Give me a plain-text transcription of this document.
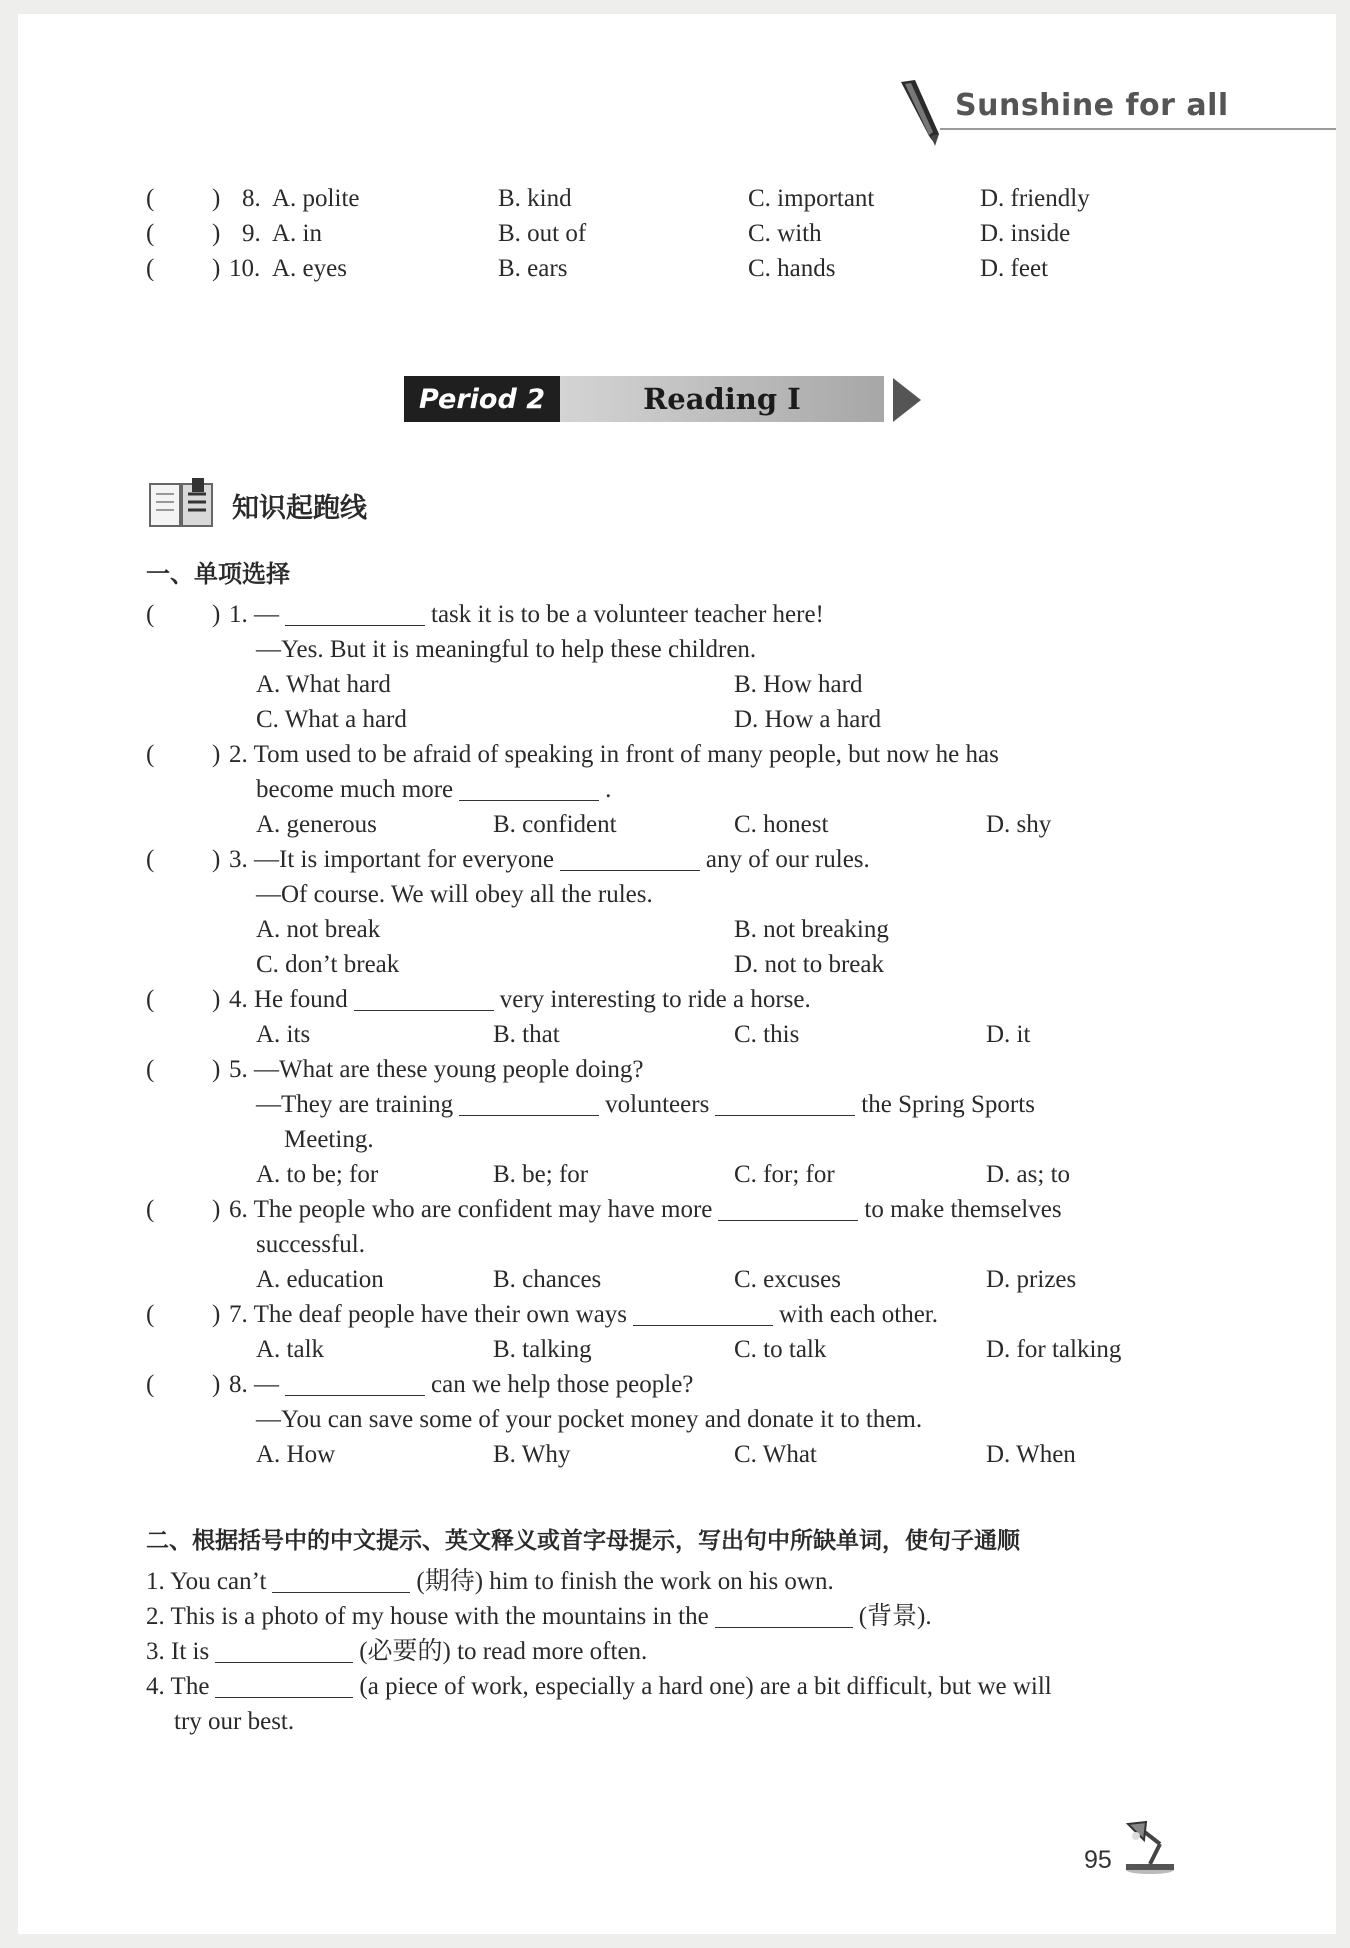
Sunshine for all
( ) 8. A. polite	B. kind	C. important	D. friendly
( ) 9. A. in	B. out of	C. with	D. inside
( ) 10. A. eyes	B. ears	C. hands	D. feet
Period 2	Reading I
知识起跑线
一、单项选择
( ) 1. —	task it is to be a volunteer teacher here!
—Yes. But it is meaningful to help these children.
A. What hard	B. How hard
C. What a hard	D. How a hard
( ) 2. Tom used to be afraid of speaking in front of many people, but now he has
become much more	.
A. generous	B. confident	C. honest	D. shy
( ) 3. —It is important for everyone	any of our rules.
—Of course. We will obey all the rules.
A. not break	B. not breaking
C. don’t break	D. not to break
( ) 4. He found	very interesting to ride a horse.
A. its	B. that	C. this	D. it
( ) 5. —What are these young people doing?
—They are training	volunteers	the Spring Sports
Meeting.
A. to be; for	B. be; for	C. for; for	D. as; to
( ) 6. The people who are confident may have more	to make themselves
successful.
A. education	B. chances	C. excuses	D. prizes
( ) 7. The deaf people have their own ways	with each other.
A. talk	B. talking	C. to talk	D. for talking
( ) 8. —	can we help those people?
—You can save some of your pocket money and donate it to them.
A. How	B. Why	C. What	D. When
二、根据括号中的中文提示、英文释义或首字母提示，写出句中所缺单词，使句子通顺
1. You can’t	(期待) him to finish the work on his own.
2. This is a photo of my house with the mountains in the	(背景).
3. It is	(必要的) to read more often.
4. The	(a piece of work, especially a hard one) are a bit difficult, but we will
try our best.
95
